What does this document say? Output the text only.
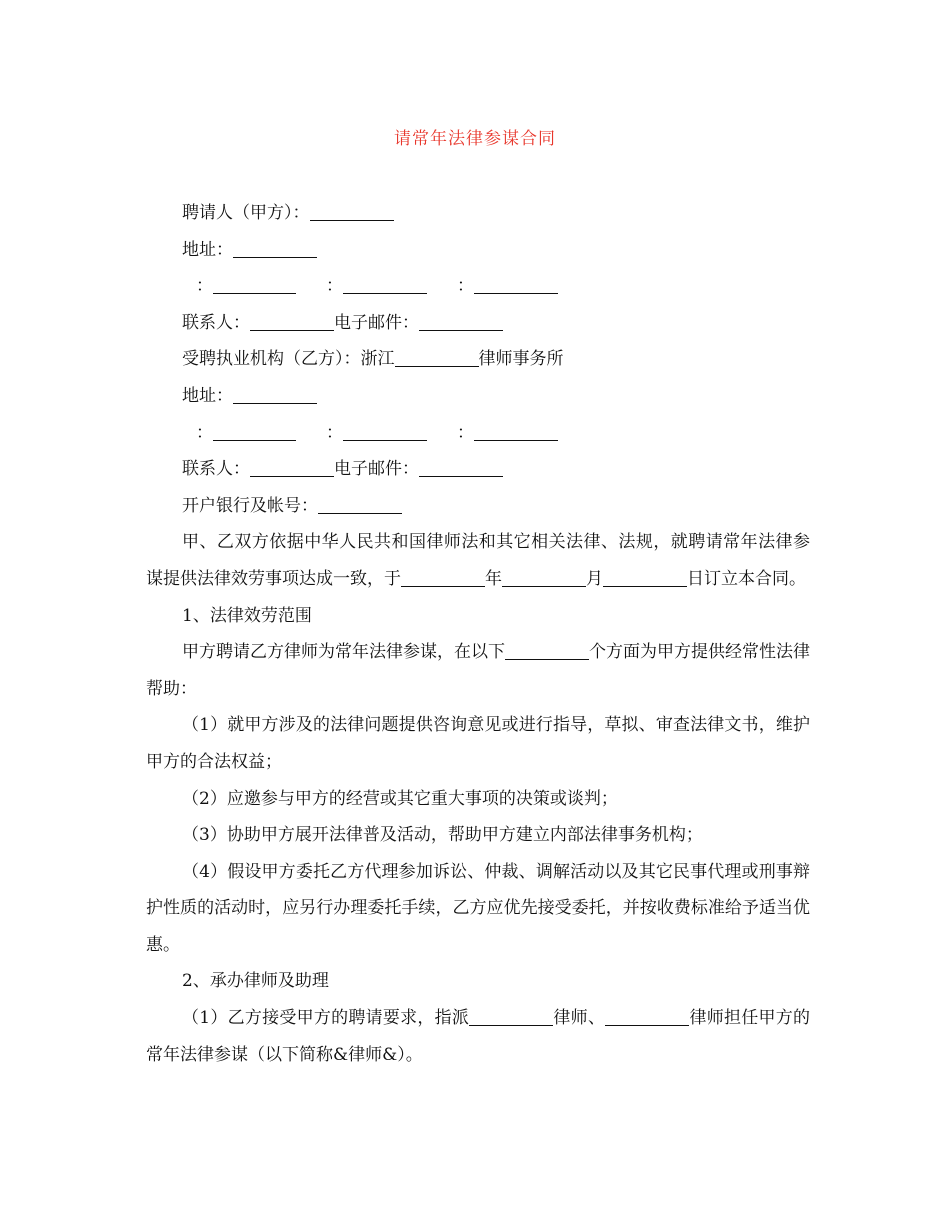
请常年法律参谋合同

聘请人（甲方）：

地址：

：	：	：

联系人：	电子邮件：

受聘执业机构（乙方）：浙江	律师事务所

地址：

：	：	：

联系人：	电子邮件：

开户银行及帐号：

甲、乙双方依据中华人民共和国律师法和其它相关法律、法规，就聘请常年法律参谋提供法律效劳事项达成一致，于	年	月	日订立本合同。

1、法律效劳范围

甲方聘请乙方律师为常年法律参谋，在以下	个方面为甲方提供经常性法律帮助：

（1）就甲方涉及的法律问题提供咨询意见或进行指导，草拟、审查法律文书，维护甲方的合法权益；

（2）应邀参与甲方的经营或其它重大事项的决策或谈判；

（3）协助甲方展开法律普及活动，帮助甲方建立内部法律事务机构；

（4）假设甲方委托乙方代理参加诉讼、仲裁、调解活动以及其它民事代理或刑事辩护性质的活动时，应另行办理委托手续，乙方应优先接受委托，并按收费标准给予适当优惠。

2、承办律师及助理

（1）乙方接受甲方的聘请要求，指派	律师、	律师担任甲方的常年法律参谋（以下简称&律师&）。
